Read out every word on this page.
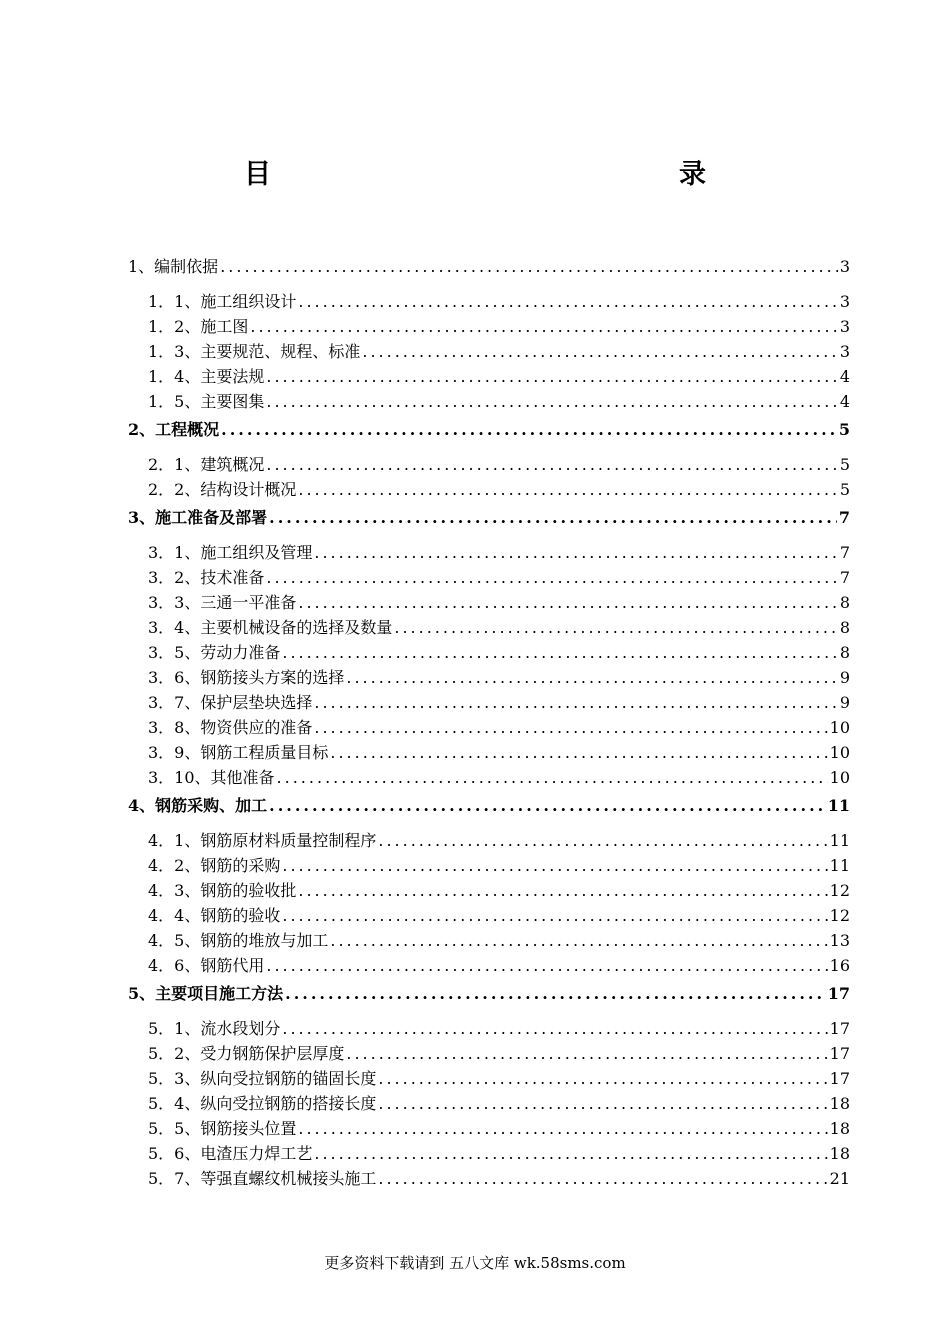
目　　录
1、编制依据 .....	3
1．1、施工组织设计 .....	3
1．2、施工图 .....	3
1．3、主要规范、规程、标准 .....	3
1．4、主要法规 .....	4
1．5、主要图集 .....	4
2、工程概况 .....	5
2．1、建筑概况 .....	5
2．2、结构设计概况 .....	5
3、施工准备及部署 .....	7
3．1、施工组织及管理 .....	7
3．2、技术准备 .....	7
3．3、三通一平准备 .....	8
3．4、主要机械设备的选择及数量 .....	8
3．5、劳动力准备 .....	8
3．6、钢筋接头方案的选择 .....	9
3．7、保护层垫块选择 .....	9
3．8、物资供应的准备 .....	10
3．9、钢筋工程质量目标 .....	10
3．10、其他准备 .....	10
4、钢筋采购、加工 .....	11
4．1、钢筋原材料质量控制程序 .....	11
4．2、钢筋的采购 .....	11
4．3、钢筋的验收批 .....	12
4．4、钢筋的验收 .....	12
4．5、钢筋的堆放与加工 .....	13
4．6、钢筋代用 .....	16
5、主要项目施工方法 .....	17
5．1、流水段划分 .....	17
5．2、受力钢筋保护层厚度 .....	17
5．3、纵向受拉钢筋的锚固长度 .....	17
5．4、纵向受拉钢筋的搭接长度 .....	18
5．5、钢筋接头位置 .....	18
5．6、电渣压力焊工艺 .....	18
5．7、等强直螺纹机械接头施工 .....	21
更多资料下载请到 五八文库 wk.58sms.com
